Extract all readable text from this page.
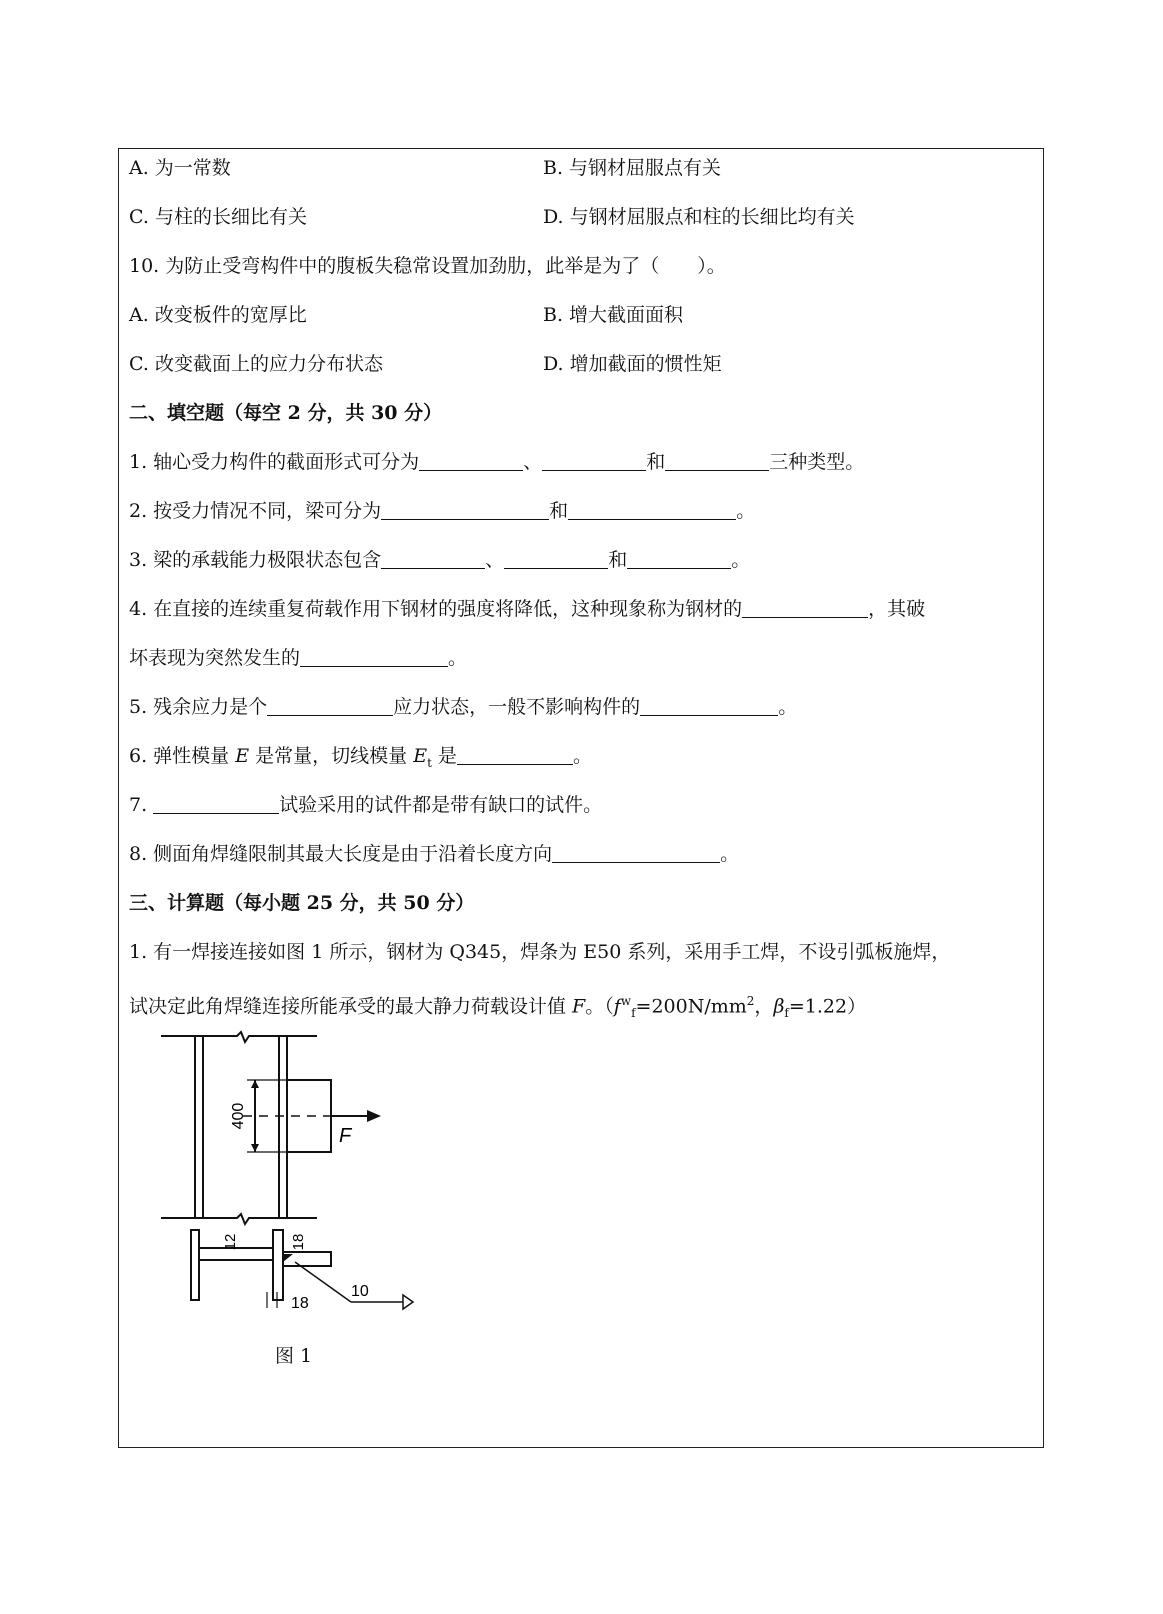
A. 为一常数	B. 与钢材屈服点有关
C. 与柱的长细比有关	D. 与钢材屈服点和柱的长细比均有关
10. 为防止受弯构件中的腹板失稳常设置加劲肋，此举是为了（　　）。
A. 改变板件的宽厚比	B. 增大截面面积
C. 改变截面上的应力分布状态	D. 增加截面的惯性矩
二、填空题（每空 2 分，共 30 分）
1. 轴心受力构件的截面形式可分为	、	和	三种类型。
2. 按受力情况不同，梁可分为	和	。
3. 梁的承载能力极限状态包含	、	和	。
4. 在直接的连续重复荷载作用下钢材的强度将降低，这种现象称为钢材的	，其破
坏表现为突然发生的	。
5. 残余应力是个	应力状态，一般不影响构件的	。
6. 弹性模量 E 是常量，切线模量 $E_t$ 是	。
7.	试验采用的试件都是带有缺口的试件。
8. 侧面角焊缝限制其最大长度是由于沿着长度方向	。
三、计算题（每小题 25 分，共 50 分）
1. 有一焊接连接如图 1 所示，钢材为 Q345，焊条为 E50 系列，采用手工焊，不设引弧板施焊，
试决定此角焊缝连接所能承受的最大静力荷载设计值 F。（$f^w_f=200N/mm^2$，$\beta_f=1.22$）
400
F
12	18
18
10
图 1
